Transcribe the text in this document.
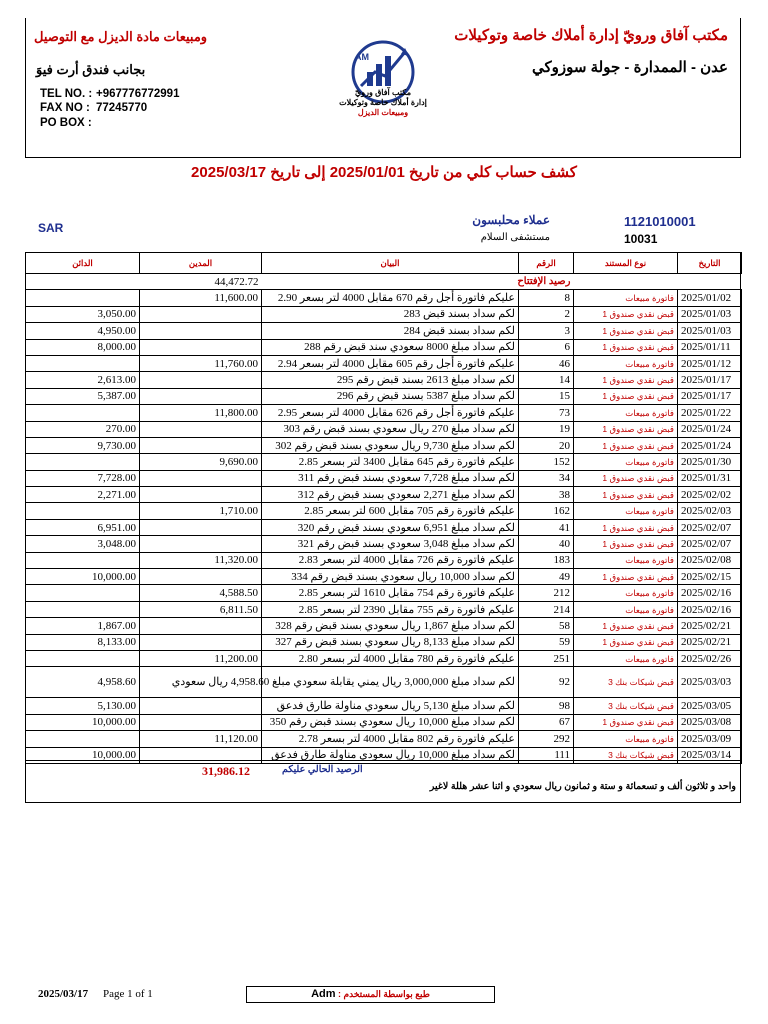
مكتب آفاق ورويّ إدارة أملاك خاصة وتوكيلات
عدن - الممدارة - جولة سوزوكي
ومبيعات مادة الديزل مع التوصيل
بجانب فندق أرت فيوَ
TEL NO. : +967776772991
FAX NO : 77245770
PO BOX :
AM
مكتب آفاق ورويّ
إدارة أملاك خاصة وتوكيلات
ومبيعات الديزل
كشف حساب كلي من تاريخ 2025/01/01 إلى تاريخ 2025/03/17
1121010001
عملاء محلبسون
10031
مستشفى السلام
SAR
الدائن	المدين	البيان	الرقم	نوع المستند	التاريخ
	44,472.72	رصيد الإفتتاح			
	11,600.00	عليكم فاتورة أجل رقم 670 مقابل 4000 لتر بسعر 2.90	8	فاتورة مبيعات	2025/01/02
3,050.00		لكم سداد بسند قبض 283	2	قبض نقدي صندوق 1	2025/01/03
4,950.00		لكم سداد بسند قبض 284	3	قبض نقدي صندوق 1	2025/01/03
8,000.00		لكم سداد مبلغ 8000 سعودي سند قبض رقم 288	6	قبض نقدي صندوق 1	2025/01/11
	11,760.00	عليكم فاتورة أجل رقم 605 مقابل 4000 لتر بسعر 2.94	46	فاتورة مبيعات	2025/01/12
2,613.00		لكم سداد مبلغ 2613 بسند قبض رقم 295	14	قبض نقدي صندوق 1	2025/01/17
5,387.00		لكم سداد مبلغ 5387 بسند قبض رقم 296	15	قبض نقدي صندوق 1	2025/01/17
	11,800.00	عليكم فاتورة أجل رقم 626 مقابل 4000 لتر بسعر 2.95	73	فاتورة مبيعات	2025/01/22
270.00		لكم سداد مبلغ 270 ريال سعودي بسند قبض رقم 303	19	قبض نقدي صندوق 1	2025/01/24
9,730.00		لكم سداد مبلغ 9,730 ريال سعودي بسند قبض رقم 302	20	قبض نقدي صندوق 1	2025/01/24
	9,690.00	عليكم فاتورة رقم 645 مقابل 3400 لتر بسعر 2.85	152	فاتورة مبيعات	2025/01/30
7,728.00		لكم سداد مبلغ 7,728 سعودي بسند قبض رقم 311	34	قبض نقدي صندوق 1	2025/01/31
2,271.00		لكم سداد مبلغ 2,271 سعودي بسند قبض رقم 312	38	قبض نقدي صندوق 1	2025/02/02
	1,710.00	عليكم فاتورة رقم 705 مقابل 600 لتر بسعر 2.85	162	فاتورة مبيعات	2025/02/03
6,951.00		لكم سداد مبلغ 6,951 سعودي بسند قبض رقم 320	41	قبض نقدي صندوق 1	2025/02/07
3,048.00		لكم سداد مبلغ 3,048 سعودي بسند قبض رقم 321	40	قبض نقدي صندوق 1	2025/02/07
	11,320.00	عليكم فاتورة رقم 726 مقابل 4000 لتر بسعر 2.83	183	فاتورة مبيعات	2025/02/08
10,000.00		لكم سداد 10,000 ريال سعودي بسند قبض رقم 334	49	قبض نقدي صندوق 1	2025/02/15
	4,588.50	عليكم فاتورة رقم 754 مقابل 1610 لتر بسعر 2.85	212	فاتورة مبيعات	2025/02/16
	6,811.50	عليكم فاتورة رقم 755 مقابل 2390 لتر بسعر 2.85	214	فاتورة مبيعات	2025/02/16
1,867.00		لكم سداد مبلغ 1,867 ريال سعودي بسند قبض رقم 328	58	قبض نقدي صندوق 1	2025/02/21
8,133.00		لكم سداد مبلغ 8,133 ريال سعودي بسند قبض رقم 327	59	قبض نقدي صندوق 1	2025/02/21
	11,200.00	عليكم فاتورة رقم 780 مقابل 4000 لتر بسعر 2.80	251	فاتورة مبيعات	2025/02/26
4,958.60		لكم سداد مبلغ 3,000,000 ريال يمني يقابلة سعودي مبلغ 4,958.60 ريال سعودي	92	قبض شيكات بنك 3	2025/03/03
5,130.00		لكم سداد مبلغ 5,130 ريال سعودي مناولة طارق فدعق	98	قبض شيكات بنك 3	2025/03/05
10,000.00		لكم سداد مبلغ 10,000 ريال سعودي بسند قبض رقم 350	67	قبض نقدي صندوق 1	2025/03/08
	11,120.00	عليكم فاتورة رقم 802 مقابل 4000 لتر بسعر 2.78	292	فاتورة مبيعات	2025/03/09
10,000.00		لكم سداد مبلغ 10,000 ريال سعودي مناولة طارق فدعق	111	قبض شيكات بنك 3	2025/03/14
الرصيد الحالي عليكم
31,986.12
واحد و ثلاثون ألف و تسعمائة و ستة و ثمانون ريال سعودي و اثنا عشر هللة لاغير
2025/03/17 Page 1 of 1	طبع بواسطة المستخدم : Adm
